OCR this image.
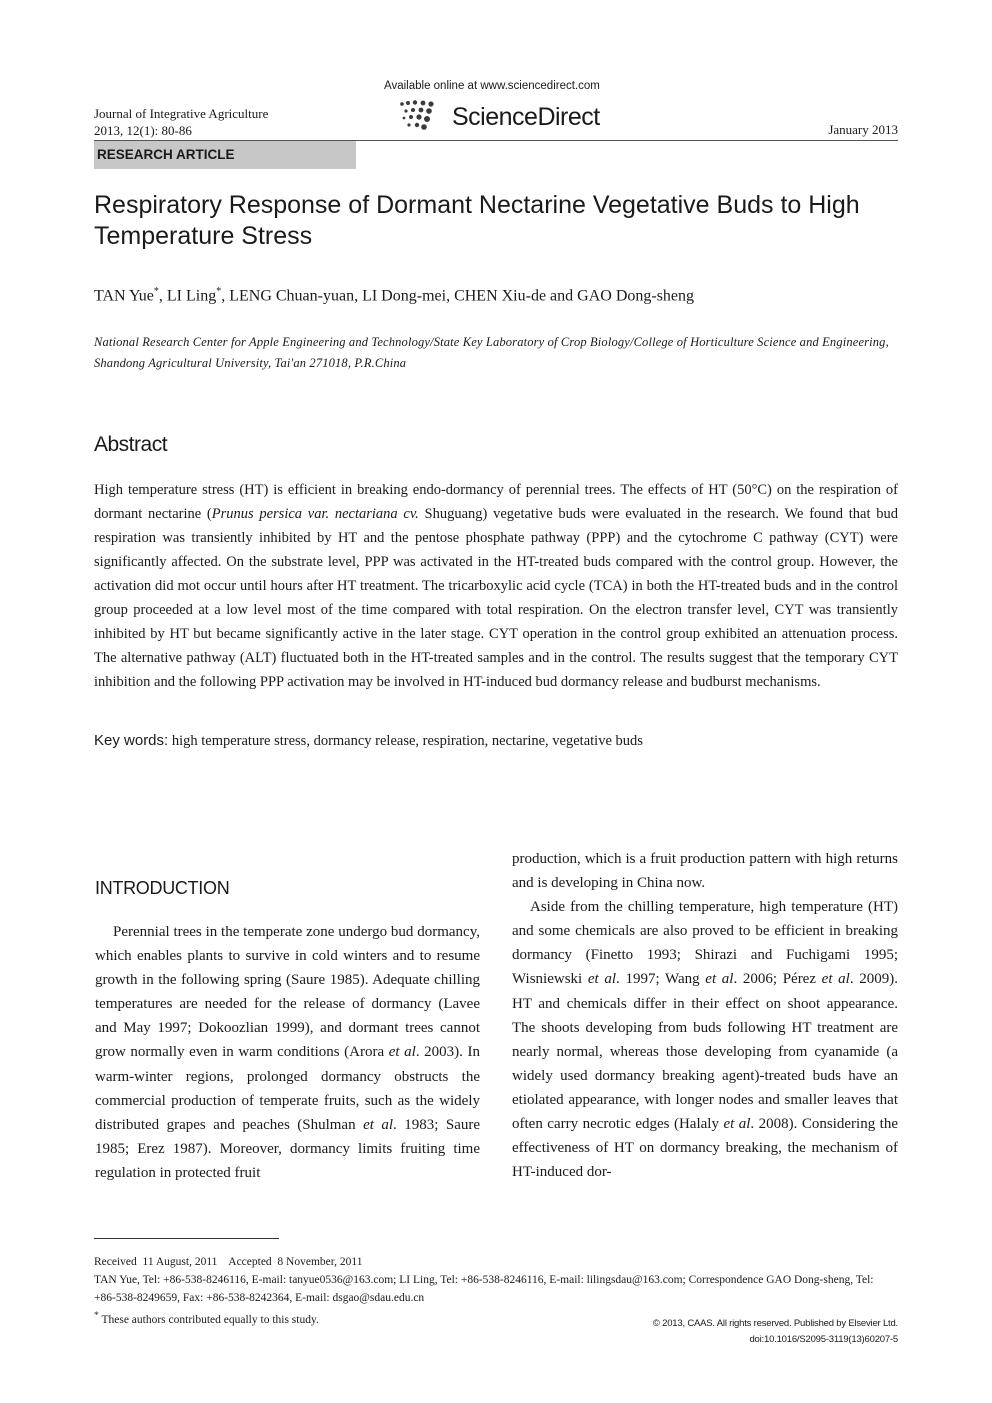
Journal of Integrative Agriculture
2013, 12(1): 80-86
Available online at www.sciencedirect.com
ScienceDirect	January 2013
RESEARCH ARTICLE
Respiratory Response of Dormant Nectarine Vegetative Buds to High Temperature Stress
TAN Yue*, LI Ling*, LENG Chuan-yuan, LI Dong-mei, CHEN Xiu-de and GAO Dong-sheng
National Research Center for Apple Engineering and Technology/State Key Laboratory of Crop Biology/College of Horticulture Science and Engineering, Shandong Agricultural University, Tai'an 271018, P.R.China
Abstract
High temperature stress (HT) is efficient in breaking endo-dormancy of perennial trees. The effects of HT (50°C) on the respiration of dormant nectarine (Prunus persica var. nectariana cv. Shuguang) vegetative buds were evaluated in the research. We found that bud respiration was transiently inhibited by HT and the pentose phosphate pathway (PPP) and the cytochrome C pathway (CYT) were significantly affected. On the substrate level, PPP was activated in the HT-treated buds compared with the control group. However, the activation did mot occur until hours after HT treatment. The tricarboxylic acid cycle (TCA) in both the HT-treated buds and in the control group proceeded at a low level most of the time compared with total respiration. On the electron transfer level, CYT was transiently inhibited by HT but became significantly active in the later stage. CYT operation in the control group exhibited an attenuation process. The alternative pathway (ALT) fluctuated both in the HT-treated samples and in the control. The results suggest that the temporary CYT inhibition and the following PPP activation may be involved in HT-induced bud dormancy release and budburst mechanisms.
Key words: high temperature stress, dormancy release, respiration, nectarine, vegetative buds
INTRODUCTION

Perennial trees in the temperate zone undergo bud dormancy, which enables plants to survive in cold winters and to resume growth in the following spring (Saure 1985). Adequate chilling temperatures are needed for the release of dormancy (Lavee and May 1997; Dokoozlian 1999), and dormant trees cannot grow normally even in warm conditions (Arora et al. 2003). In warm-winter regions, prolonged dormancy obstructs the commercial production of temperate fruits, such as the widely distributed grapes and peaches (Shulman et al. 1983; Saure 1985; Erez 1987). Moreover, dormancy limits fruiting time regulation in protected fruit

production, which is a fruit production pattern with high returns and is developing in China now.

Aside from the chilling temperature, high temperature (HT) and some chemicals are also proved to be efficient in breaking dormancy (Finetto 1993; Shirazi and Fuchigami 1995; Wisniewski et al. 1997; Wang et al. 2006; Pérez et al. 2009). HT and chemicals differ in their effect on shoot appearance. The shoots developing from buds following HT treatment are nearly normal, whereas those developing from cyanamide (a widely used dormancy breaking agent)-treated buds have an etiolated appearance, with longer nodes and smaller leaves that often carry necrotic edges (Halaly et al. 2008). Considering the effectiveness of HT on dormancy breaking, the mechanism of HT-induced dor-

Received  11 August, 2011    Accepted  8 November, 2011

TAN Yue, Tel: +86-538-8246116, E-mail: tanyue0536@163.com; LI Ling, Tel: +86-538-8246116, E-mail: lilingsdau@163.com; Correspondence GAO Dong-sheng, Tel: +86-538-8249659, Fax: +86-538-8242364, E-mail: dsgao@sdau.edu.cn

* These authors contributed equally to this study.	© 2013, CAAS. All rights reserved. Published by Elsevier Ltd.
doi:10.1016/S2095-3119(13)60207-5
